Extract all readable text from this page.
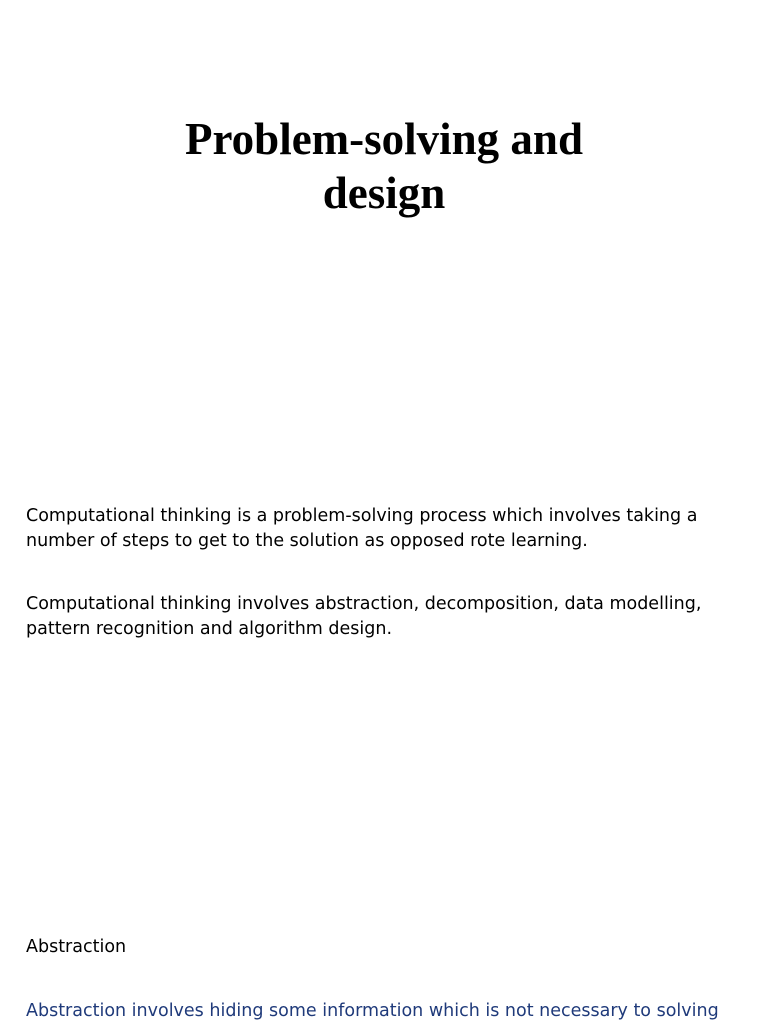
Problem-solving and
design

Computational thinking is a problem-solving process which involves taking a number of steps to get to the solution as opposed rote learning.

Computational thinking involves abstraction, decomposition, data modelling, pattern recognition and algorithm design.

Abstraction

Abstraction involves hiding some information which is not necessary to solving
